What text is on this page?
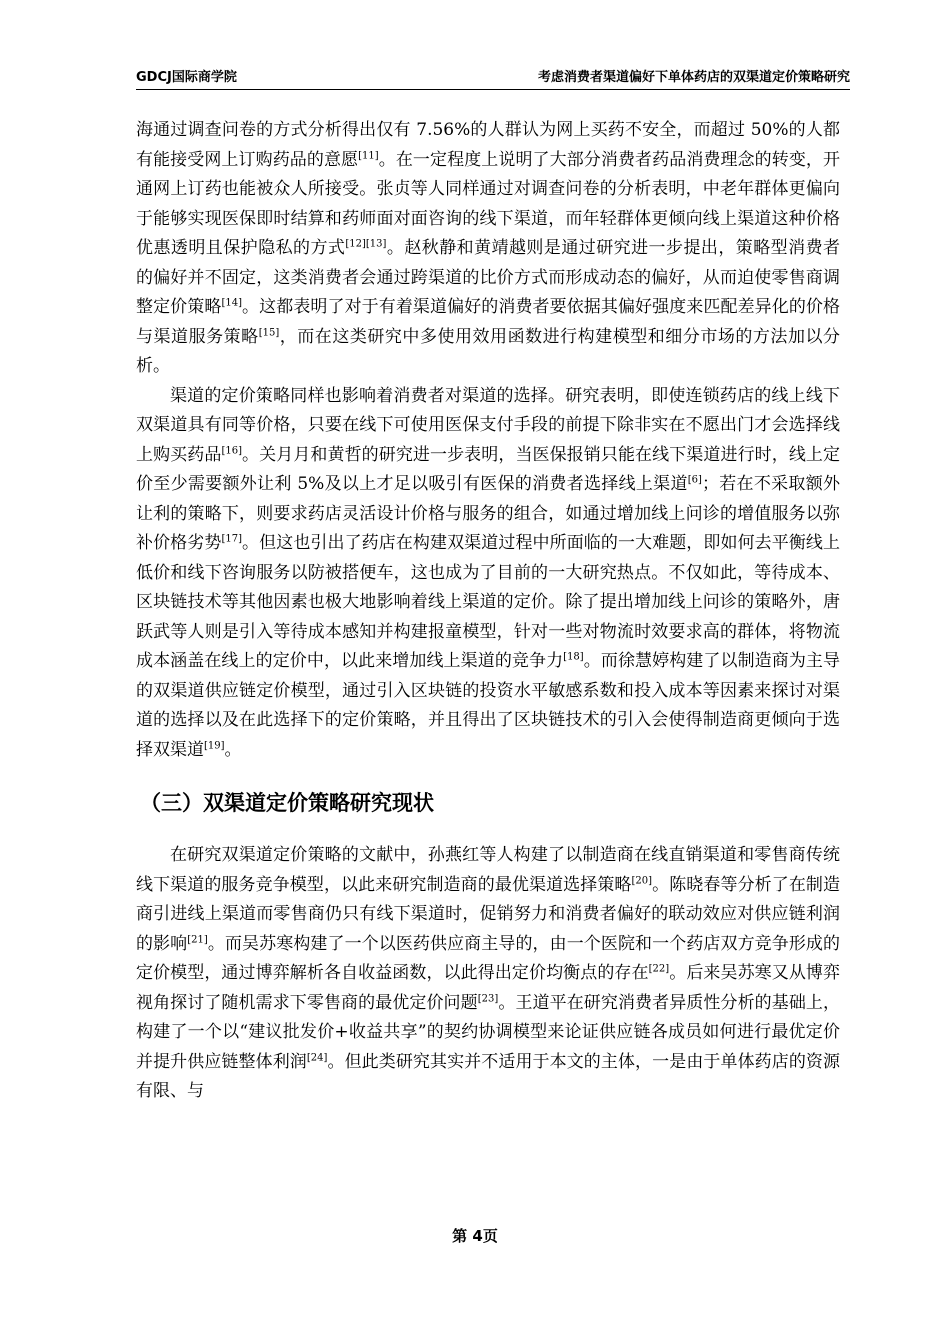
GDCJ国际商学院	考虑消费者渠道偏好下单体药店的双渠道定价策略研究

海通过调查问卷的方式分析得出仅有 7.56%的人群认为网上买药不安全，而超过 50%的人都有能接受网上订购药品的意愿[11]。在一定程度上说明了大部分消费者药品消费理念的转变，开通网上订药也能被众人所接受。张贞等人同样通过对调查问卷的分析表明，中老年群体更偏向于能够实现医保即时结算和药师面对面咨询的线下渠道，而年轻群体更倾向线上渠道这种价格优惠透明且保护隐私的方式[12][13]。赵秋静和黄靖越则是通过研究进一步提出，策略型消费者的偏好并不固定，这类消费者会通过跨渠道的比价方式而形成动态的偏好，从而迫使零售商调整定价策略[14]。这都表明了对于有着渠道偏好的消费者要依据其偏好强度来匹配差异化的价格与渠道服务策略[15]，而在这类研究中多使用效用函数进行构建模型和细分市场的方法加以分析。

渠道的定价策略同样也影响着消费者对渠道的选择。研究表明，即使连锁药店的线上线下双渠道具有同等价格，只要在线下可使用医保支付手段的前提下除非实在不愿出门才会选择线上购买药品[16]。关月月和黄哲的研究进一步表明，当医保报销只能在线下渠道进行时，线上定价至少需要额外让利 5%及以上才足以吸引有医保的消费者选择线上渠道[6]；若在不采取额外让利的策略下，则要求药店灵活设计价格与服务的组合，如通过增加线上问诊的增值服务以弥补价格劣势[17]。但这也引出了药店在构建双渠道过程中所面临的一大难题，即如何去平衡线上低价和线下咨询服务以防被搭便车，这也成为了目前的一大研究热点。不仅如此，等待成本、区块链技术等其他因素也极大地影响着线上渠道的定价。除了提出增加线上问诊的策略外，唐跃武等人则是引入等待成本感知并构建报童模型，针对一些对物流时效要求高的群体，将物流成本涵盖在线上的定价中，以此来增加线上渠道的竞争力[18]。而徐慧婷构建了以制造商为主导的双渠道供应链定价模型，通过引入区块链的投资水平敏感系数和投入成本等因素来探讨对渠道的选择以及在此选择下的定价策略，并且得出了区块链技术的引入会使得制造商更倾向于选择双渠道[19]。

（三）双渠道定价策略研究现状

在研究双渠道定价策略的文献中，孙燕红等人构建了以制造商在线直销渠道和零售商传统线下渠道的服务竞争模型，以此来研究制造商的最优渠道选择策略[20]。陈晓春等分析了在制造商引进线上渠道而零售商仍只有线下渠道时，促销努力和消费者偏好的联动效应对供应链利润的影响[21]。而吴苏寒构建了一个以医药供应商主导的，由一个医院和一个药店双方竞争形成的定价模型，通过博弈解析各自收益函数，以此得出定价均衡点的存在[22]。后来吴苏寒又从博弈视角探讨了随机需求下零售商的最优定价问题[23]。王道平在研究消费者异质性分析的基础上，构建了一个以“建议批发价+收益共享”的契约协调模型来论证供应链各成员如何进行最优定价并提升供应链整体利润[24]。但此类研究其实并不适用于本文的主体，一是由于单体药店的资源有限、与

第 4页
